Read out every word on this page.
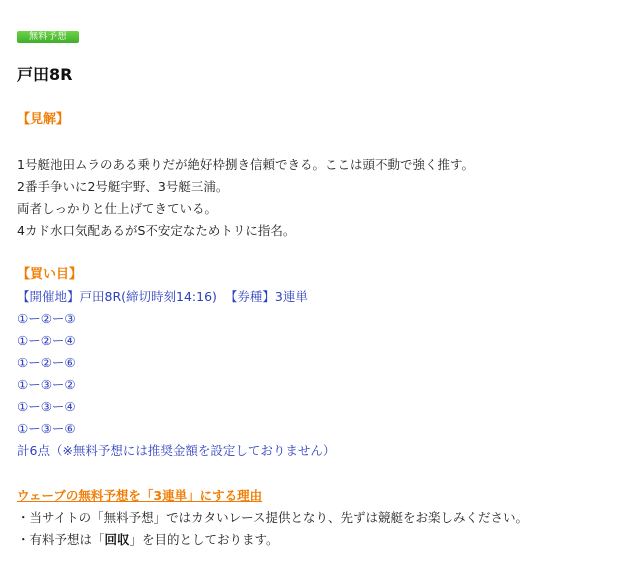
無料予想
戸田8R
【見解】
1号艇池田ムラのある乗りだが絶好枠捌き信頼できる。ここは頭不動で強く推す。
2番手争いに2号艇宇野、3号艇三浦。
両者しっかりと仕上げてきている。
4カド水口気配あるがS不安定なためトリに指名。
【買い目】
【開催地】戸田8R(締切時刻14:16) 【券種】3連単
①ー②ー③
①ー②ー④
①ー②ー⑥
①ー③ー②
①ー③ー④
①ー③ー⑥
計6点（※無料予想には推奨金額を設定しておりません）
ウェーブの無料予想を「3連単」にする理由
・当サイトの「無料予想」ではカタいレース提供となり、先ずは競艇をお楽しみください。
・有料予想は「回収」を目的としております。
